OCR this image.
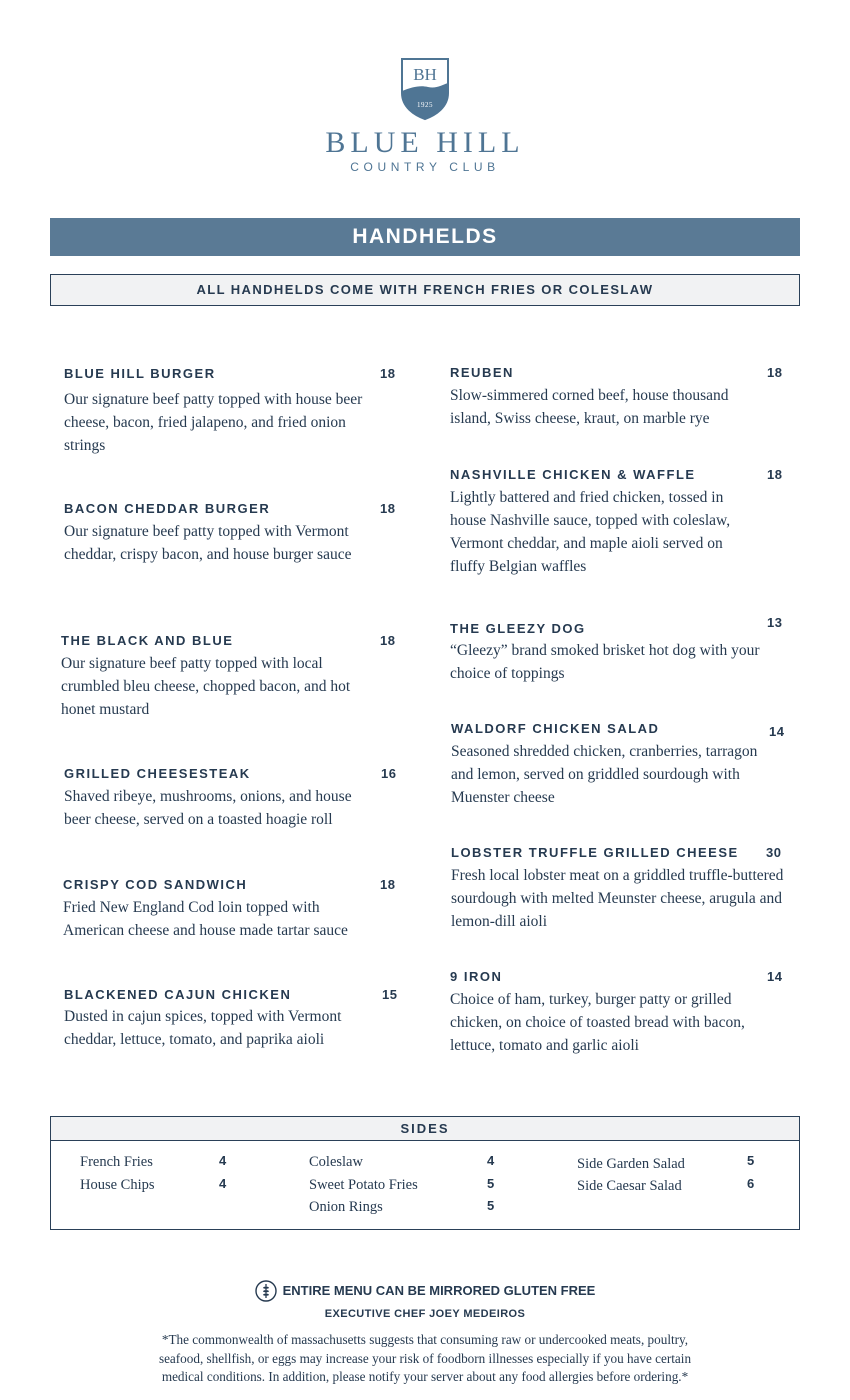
BH
1925
BLUE HILL
COUNTRY CLUB
HANDHELDS
ALL HANDHELDS COME WITH FRENCH FRIES OR COLESLAW
BLUE HILL BURGER	18
Our signature beef patty topped with house beer cheese, bacon, fried jalapeno, and fried onion strings
BACON CHEDDAR BURGER	18
Our signature beef patty topped with Vermont cheddar, crispy bacon, and house burger sauce
THE BLACK AND BLUE	18
Our signature beef patty topped with local crumbled bleu cheese, chopped bacon, and hot honet mustard
GRILLED CHEESESTEAK	16
Shaved ribeye, mushrooms, onions, and house beer cheese, served on a toasted hoagie roll
CRISPY COD SANDWICH	18
Fried New England Cod loin topped with American cheese and house made tartar sauce
BLACKENED CAJUN CHICKEN	15
Dusted in cajun spices, topped with Vermont cheddar, lettuce, tomato, and paprika aioli
REUBEN	18
Slow-simmered corned beef, house thousand island, Swiss cheese, kraut, on marble rye
NASHVILLE CHICKEN & WAFFLE	18
Lightly battered and fried chicken, tossed in house Nashville sauce, topped with coleslaw, Vermont cheddar, and maple aioli served on fluffy Belgian waffles
THE GLEEZY DOG	13
“Gleezy” brand smoked brisket hot dog with your choice of toppings
WALDORF CHICKEN SALAD	14
Seasoned shredded chicken, cranberries, tarragon and lemon, served on griddled sourdough with Muenster cheese
LOBSTER TRUFFLE GRILLED CHEESE 30
Fresh local lobster meat on a griddled truffle-buttered sourdough with melted Meunster cheese, arugula and lemon-dill aioli
9 IRON	14
Choice of ham, turkey, burger patty or grilled chicken, on choice of toasted bread with bacon, lettuce, tomato and garlic aioli
SIDES
French Fries	4
House Chips	4
Coleslaw	4
Sweet Potato Fries	5
Onion Rings	5
Side Garden Salad	5
Side Caesar Salad	6
ENTIRE MENU CAN BE MIRRORED GLUTEN FREE
EXECUTIVE CHEF JOEY MEDEIROS
*The commonwealth of massachusetts suggests that consuming raw or undercooked meats, poultry, seafood, shellfish, or eggs may increase your risk of foodborn illnesses especially if you have certain medical conditions. In addition, please notify your server about any food allergies before ordering.*
